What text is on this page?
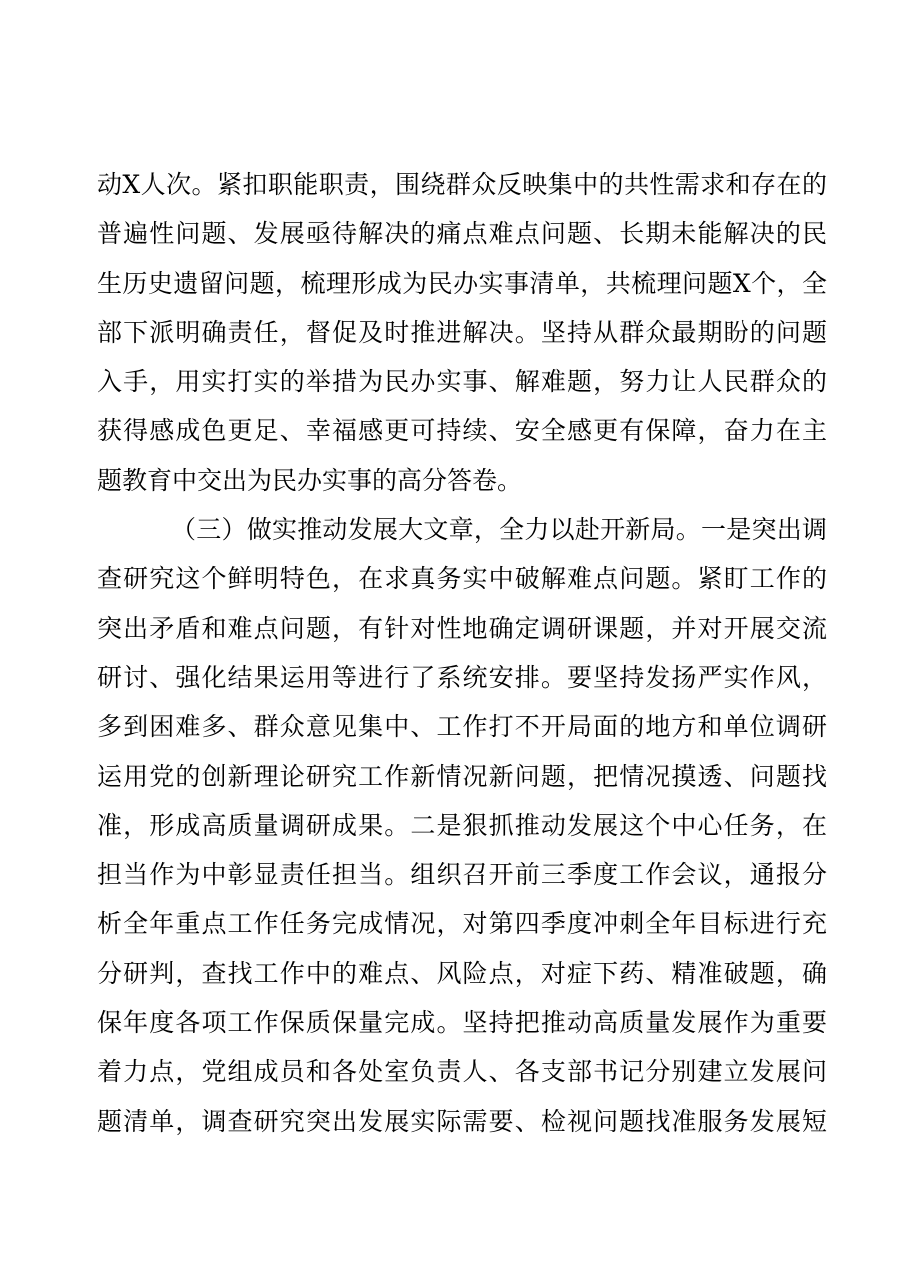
动X人次。紧扣职能职责，围绕群众反映集中的共性需求和存在的
普遍性问题、发展亟待解决的痛点难点问题、长期未能解决的民
生历史遗留问题，梳理形成为民办实事清单，共梳理问题X个，全
部下派明确责任，督促及时推进解决。坚持从群众最期盼的问题
入手，用实打实的举措为民办实事、解难题，努力让人民群众的
获得感成色更足、幸福感更可持续、安全感更有保障，奋力在主
题教育中交出为民办实事的高分答卷。
（三）做实推动发展大文章，全力以赴开新局。一是突出调
查研究这个鲜明特色，在求真务实中破解难点问题。紧盯工作的
突出矛盾和难点问题，有针对性地确定调研课题，并对开展交流
研讨、强化结果运用等进行了系统安排。要坚持发扬严实作风，
多到困难多、群众意见集中、工作打不开局面的地方和单位调研
运用党的创新理论研究工作新情况新问题，把情况摸透、问题找
准，形成高质量调研成果。二是狠抓推动发展这个中心任务，在
担当作为中彰显责任担当。组织召开前三季度工作会议，通报分
析全年重点工作任务完成情况，对第四季度冲刺全年目标进行充
分研判，查找工作中的难点、风险点，对症下药、精准破题，确
保年度各项工作保质保量完成。坚持把推动高质量发展作为重要
着力点，党组成员和各处室负责人、各支部书记分别建立发展问
题清单，调查研究突出发展实际需要、检视问题找准服务发展短
